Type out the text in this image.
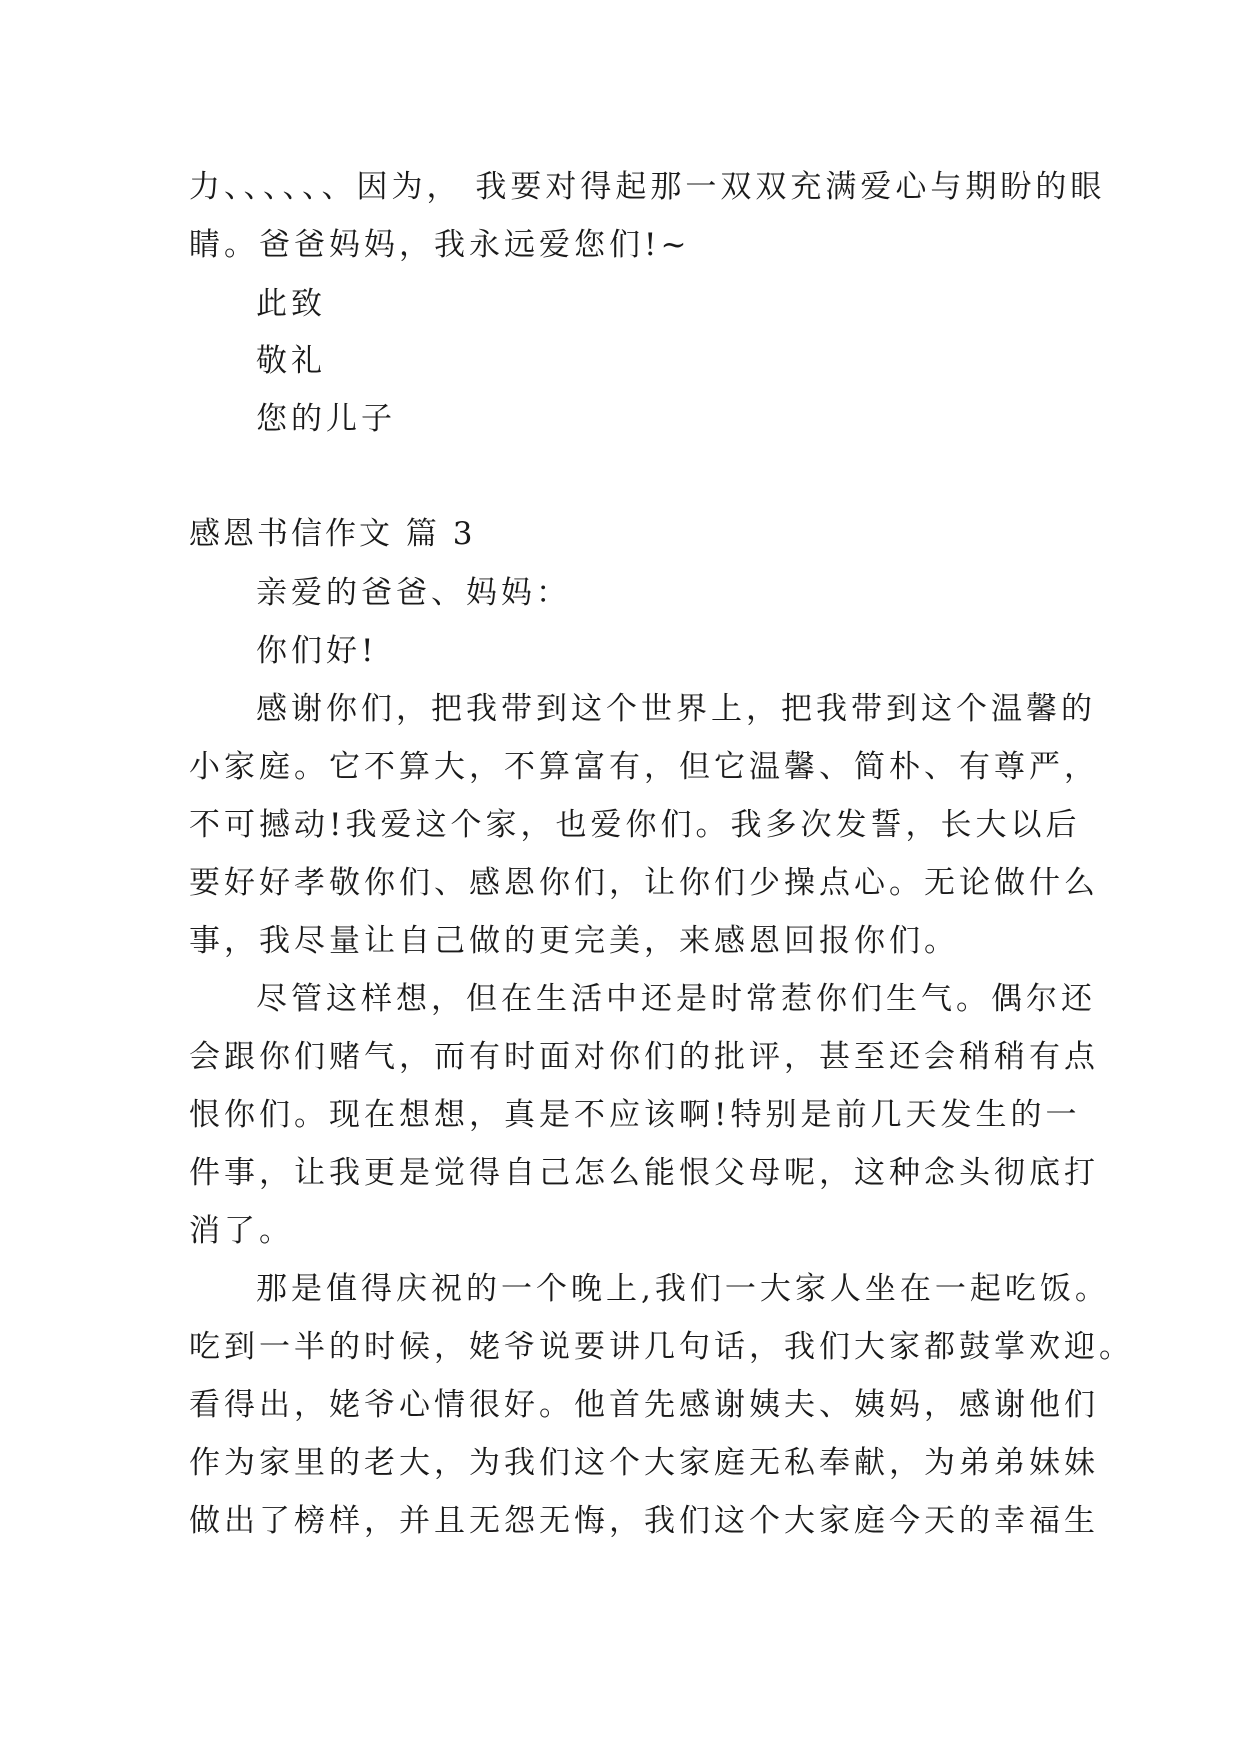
力、、、、、、因为， 我要对得起那一双双充满爱心与期盼的眼
睛。爸爸妈妈，我永远爱您们!~
此致
敬礼
您的儿子
感恩书信作文 篇 3
亲爱的爸爸、妈妈：
你们好!
感谢你们，把我带到这个世界上，把我带到这个温馨的
小家庭。它不算大，不算富有，但它温馨、简朴、有尊严，
不可撼动!我爱这个家，也爱你们。我多次发誓，长大以后
要好好孝敬你们、感恩你们，让你们少操点心。无论做什么
事，我尽量让自己做的更完美，来感恩回报你们。
尽管这样想，但在生活中还是时常惹你们生气。偶尔还
会跟你们赌气，而有时面对你们的批评，甚至还会稍稍有点
恨你们。现在想想，真是不应该啊!特别是前几天发生的一
件事，让我更是觉得自己怎么能恨父母呢，这种念头彻底打
消了。
那是值得庆祝的一个晚上,我们一大家人坐在一起吃饭。
吃到一半的时候，姥爷说要讲几句话，我们大家都鼓掌欢迎。
看得出，姥爷心情很好。他首先感谢姨夫、姨妈，感谢他们
作为家里的老大，为我们这个大家庭无私奉献，为弟弟妹妹
做出了榜样，并且无怨无悔，我们这个大家庭今天的幸福生
